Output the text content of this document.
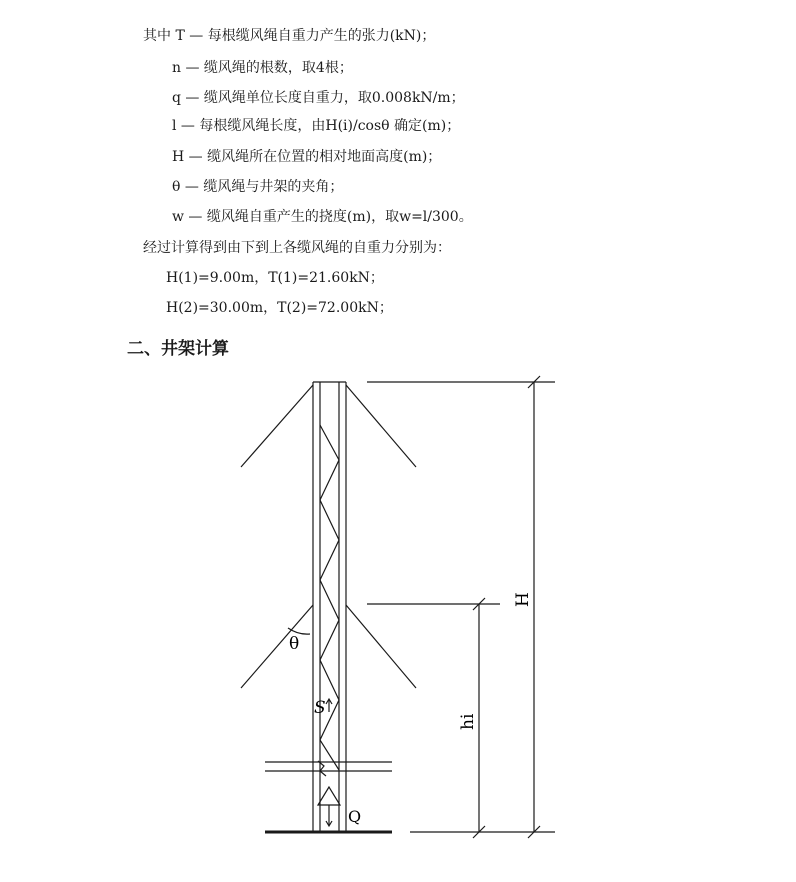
其中 T — 每根缆风绳自重力产生的张力(kN)；
n — 缆风绳的根数，取4根；
q — 缆风绳单位长度自重力，取0.008kN/m；
l — 每根缆风绳长度，由H(i)/cosθ 确定(m)；
H — 缆风绳所在位置的相对地面高度(m)；
θ — 缆风绳与井架的夹角；
w — 缆风绳自重产生的挠度(m)，取w=l/300。
经过计算得到由下到上各缆风绳的自重力分别为：
H(1)=9.00m，T(1)=21.60kN；
H(2)=30.00m，T(2)=72.00kN；
二、井架计算
θ
S
Q
H
hi
